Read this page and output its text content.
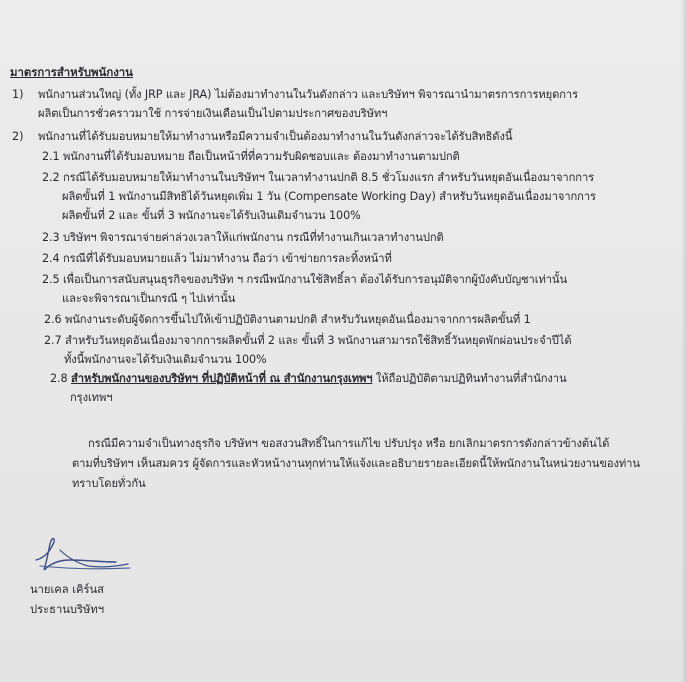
มาตรการสำหรับพนักงาน
1) พนักงานส่วนใหญ่ (ทั้ง JRP และ JRA) ไม่ต้องมาทำงานในวันดังกล่าว และบริษัทฯ พิจารณานำมาตรการการหยุดการ
ผลิตเป็นการชั่วคราวมาใช้ การจ่ายเงินเดือนเป็นไปตามประกาศของบริษัทฯ
2) พนักงานที่ได้รับมอบหมายให้มาทำงานหรือมีความจำเป็นต้องมาทำงานในวันดังกล่าวจะได้รับสิทธิดังนี้
2.1 พนักงานที่ได้รับมอบหมาย ถือเป็นหน้าที่ที่ความรับผิดชอบและ ต้องมาทำงานตามปกติ
2.2 กรณีได้รับมอบหมายให้มาทำงานในบริษัทฯ ในเวลาทำงานปกติ 8.5 ชั่วโมงแรก สำหรับวันหยุดอันเนื่องมาจากการ
ผลิตขั้นที่ 1 พนักงานมีสิทธิได้วันหยุดเพิ่ม 1 วัน (Compensate Working Day) สำหรับวันหยุดอันเนื่องมาจากการ
ผลิตขั้นที่ 2 และ ขั้นที่ 3 พนักงานจะได้รับเงินเดิมจำนวน 100%
2.3 บริษัทฯ พิจารณาจ่ายค่าล่วงเวลาให้แก่พนักงาน กรณีที่ทำงานเกินเวลาทำงานปกติ
2.4 กรณีที่ได้รับมอบหมายแล้ว ไม่มาทำงาน ถือว่า เข้าข่ายการละทิ้งหน้าที่
2.5 เพื่อเป็นการสนับสนุนธุรกิจของบริษัท ฯ กรณีพนักงานใช้สิทธิ์ลา ต้องได้รับการอนุมัติจากผู้บังคับบัญชาเท่านั้น
และจะพิจารณาเป็นกรณี ๆ ไปเท่านั้น
2.6 พนักงานระดับผู้จัดการขึ้นไปให้เข้าปฏิบัติงานตามปกติ สำหรับวันหยุดอันเนื่องมาจากการผลิตขั้นที่ 1
2.7 สำหรับวันหยุดอันเนื่องมาจากการผลิตขั้นที่ 2 และ ขั้นที่ 3 พนักงานสามารถใช้สิทธิ์วันหยุดพักผ่อนประจำปีได้
ทั้งนี้พนักงานจะได้รับเงินเดิมจำนวน 100%
2.8 สำหรับพนักงานของบริษัทฯ ที่ปฏิบัติหน้าที่ ณ สำนักงานกรุงเทพฯ ให้ถือปฏิบัติตามปฏิทินทำงานที่สำนักงาน
กรุงเทพฯ
กรณีมีความจำเป็นทางธุรกิจ บริษัทฯ ขอสงวนสิทธิ์ในการแก้ไข ปรับปรุง หรือ ยกเลิกมาตรการดังกล่าวข้างต้นได้
ตามที่บริษัทฯ เห็นสมควร ผู้จัดการและหัวหน้างานทุกท่านให้แจ้งและอธิบายรายละเอียดนี้ให้พนักงานในหน่วยงานของท่าน
ทราบโดยทั่วกัน
นายเคล เคิร์นส
ประธานบริษัทฯ
